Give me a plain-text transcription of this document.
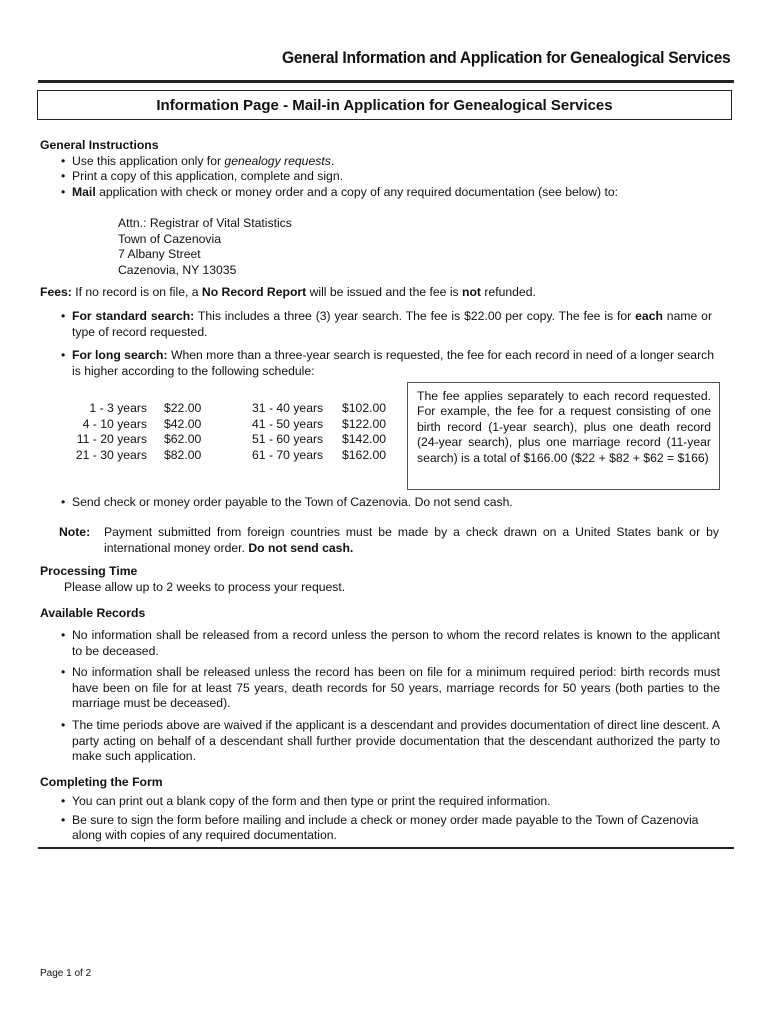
General Information and Application for Genealogical Services
Information Page - Mail-in Application for Genealogical Services
General Instructions
• Use this application only for genealogy requests.
• Print a copy of this application, complete and sign.
• Mail application with check or money order and a copy of any required documentation (see below) to:
Attn.: Registrar of Vital Statistics
Town of Cazenovia
7 Albany Street
Cazenovia, NY 13035
Fees: If no record is on file, a No Record Report will be issued and the fee is not refunded.
• For standard search: This includes a three (3) year search. The fee is $22.00 per copy. The fee is for each name or type of record requested.
• For long search: When more than a three-year search is requested, the fee for each record in need of a longer search is higher according to the following schedule:
1 - 3 years	$22.00
4 - 10 years	$42.00
11 - 20 years	$62.00
21 - 30 years	$82.00
31 - 40 years	$102.00
41 - 50 years	$122.00
51 - 60 years	$142.00
61 - 70 years	$162.00
The fee applies separately to each record requested. For example, the fee for a request consisting of one birth record (1-year search), plus one death record (24-year search), plus one marriage record (11-year search) is a total of $166.00 ($22 + $82 + $62 = $166)
• Send check or money order payable to the Town of Cazenovia. Do not send cash.
Note: Payment submitted from foreign countries must be made by a check drawn on a United States bank or by international money order. Do not send cash.
Processing Time
Please allow up to 2 weeks to process your request.
Available Records
• No information shall be released from a record unless the person to whom the record relates is known to the applicant to be deceased.
• No information shall be released unless the record has been on file for a minimum required period: birth records must have been on file for at least 75 years, death records for 50 years, marriage records for 50 years (both parties to the marriage must be deceased).
• The time periods above are waived if the applicant is a descendant and provides documentation of direct line descent. A party acting on behalf of a descendant shall further provide documentation that the descendant authorized the party to make such application.
Completing the Form
• You can print out a blank copy of the form and then type or print the required information.
• Be sure to sign the form before mailing and include a check or money order made payable to the Town of Cazenovia along with copies of any required documentation.
Page 1 of 2
